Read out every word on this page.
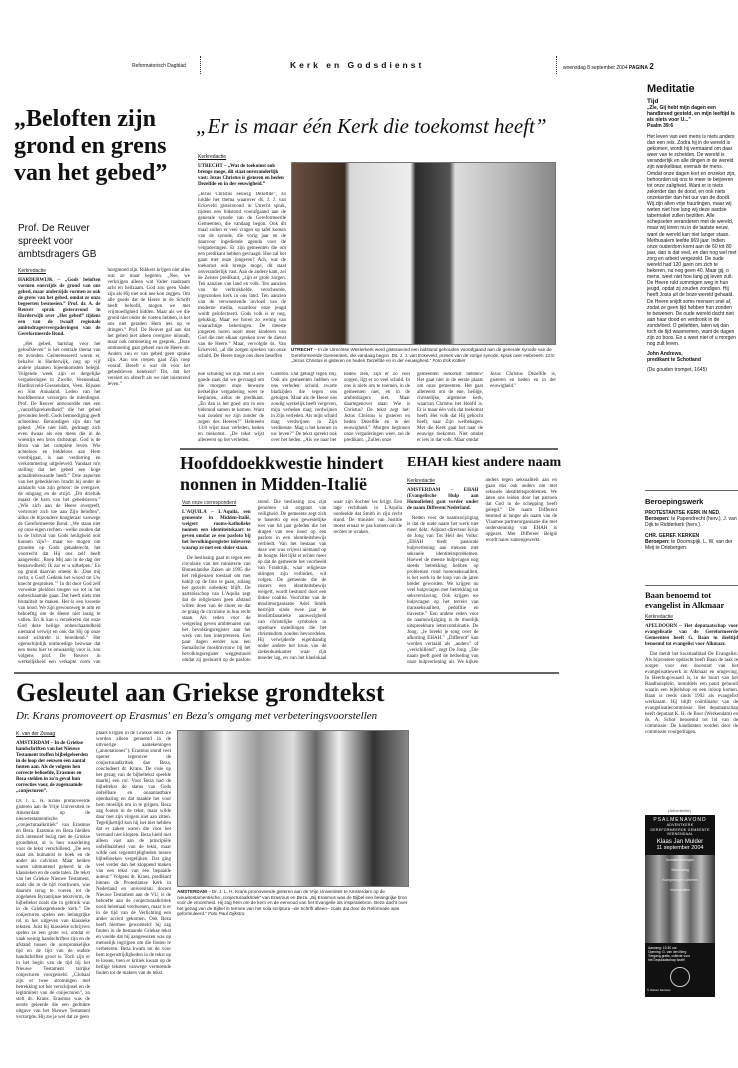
Reformatorisch Dagblad	Kerk en Godsdienst	woensdag 8 september 2004 PAGINA 2
„Beloften zijn grond en grens van het gebed”
Prof. De Reuver spreekt voor ambtsdragers GB
Kerkredactie
HARDERWIJK – „Gods beloften vormen enerzijds de grond van ons gebed, maar anderzijds vormen ze ook de grens van het gebed, omdat ze onze begeerten besnoeien.” Prof. dr. A. de Reuver sprak gisteravond in Harderwijk over „Het gebed” tijdens een van de twaalf regionale ambtsdragersvergaderingen van de Gereformeerde Bond.

„Het gebed, hartslag voor het geloofsleven” is het centrale thema van de avonden. Geïnteresseerd waren er, behalve in Harderwijk, nog op vijf andere plaatsen bijeenkomsten belegd. Volgende week zijn er dergelijke vergaderingen in Zwolle, Veenendaal, Hardinxveld-Giessendam, Veen, Rijssen en Sint Annaland. Leden van het hoofdbestuur verzorgen de inleidingen. Prof. De Reuver antwoordde met een „vanzelfsprekendheid” die het gebed gevonden heeft. Gods bemoediging geeft achterdeur. Bemoedigen zijn dan het gebed. „Wie niet bidt, gedraagt zich even dwaas als een mens die in de woestijn een bron dichtstopt. God is de Bron van het complete leven. Wie achteloos en biddeloos aan Hem voorbijgaat, is aan verdorring en verkommering uitgeleverd. Vandaar m'n stelling dat het gebed een hoge actualiteitswaarde heeft.” Drie aspecten van het gebedsleven bracht hij onder de aandacht van zijn gehoor: de overgave, de omgang en de strijd. „Dit drieluik maakt de kern van het gebedsleven.” „Wie zich aan de Heere overgeeft, vertrouwt zich toe aan Zijn beloften”, aldus de bijzondere hoogleraar vanwege de Gereformeerde Bond. „We staan niet op onze eigen rechten –welke zouden dat in de lichtval van Gods heiligheid ooit kunnen zijn?– maar we mogen om gronden op Gods genaderecht, het voorrecht dat Hij ons zelf heeft aangereikt: ‚Roep Mij aan in de dag der benauwdheid; Ik zal er u uithelpen.’ En op grond daarvan smeek ik: ‚Doe mij recht, o God! Gedenk het woord tot Uw knecht gesproken.’” In dit door God zelf verwekte pleidooi mogen we tot in het onbeschaamde gaan. Dat heeft niets met brutaliteit te maken. Het is een kwestie van nood. We zijn gewoonweg te arm en behoeftig om de Heere niet lastig te vallen. En ik kan u verzekeren dat onze God deze heilige onbeschaamdheid niemand verwijt en ook dat Hij op onze nood wilstrekt is bereidend.” Het ogenschijnlijk ontmoedige bezwaar dat een mens hier te onwaardig voor is, zou volgens prof. De Reuver in werkelijkheid een verkapte vorm van hoogmoed zijn. Rikkers krijgen niet alles wat ze maar begeren. „Nee, we verkrijgen alleen wat Vader raadzaam acht en heilzaam. God zou geen Vader zijn als Hij niet ook nee kon zeggen. Om alle goeds dat de Heere in de Schrift heeft beloofd, mogen we met vrijmoedigheid bidden. Maar als we die grond niet onder de voeten hebben, is het ons niet geraden Hem iets op te dringen.” Prof. De Reuver gaf aan dat het gebed niet alleen overgave inhoudt, maar ook ontmoeting en gesprek. „Deze ontmoeting gaat geheel van de Heere uit. Anders zou er van gebed geen sprake zijn. Aan ons roepen gaat Zijn roep vooraf. Beseft u wat dit voor het gebedsleven betekent? Dit, dat het versiert en afsterft als we niet luisterend leven.”

„Er is maar één Kerk die toekomst heeft”
UTRECHT – In de Utrechtse Westerkerk werd gisteravond een bidstond gehouden voorafgaand aan de generale synode van de Gereformeerde Gemeenten, die vandaag begon. Ds. J. J. van Eckeveld, preses van de vorige synode, sprak over Hebreeën 13:8: „Jezus Christus is gisteren en heden Dezelfde en in der eeuwigheid.” Foto Erik Kottier
Kerkredactie
UTRECHT – „Wat de toekomst ook brenge moge, dit staat onveranderlijk vast: Jezus Christus is gisteren en heden Dezelfde en in der eeuwigheid.”
„Jezus Christus eeuwig Dezelfde”, zo luidde het thema waarover ds. J. J. van Eckeveld gisteravond in Utrecht sprak, tijdens een bidstond voorafgaand aan de generale synode van de Gereformeerde Gemeenten, die vandaag begon. Ook dit maal zullen er veel vragen op tafel komen van de synode, die vorig jaar en de daarvoor ingediende agenda voor de vergaderingen. Er zijn gemeenten die om een predikant hebben gevraagd. Hoe zal het gaan met onze jongeren? Ach, wat de toekomst ook brenge moge, dit staat onveranderlijk vast. Aan de andere kant, zei de Zeister predikant, „zijn er grote zorgen. Ten aanzien van land en volk. Ten aanzien van de verbrokkelde, verscheurde, ingezonken kerk in ons land. Ten aanzien van de verwoestende invloed van de moderne media, waardoor onze jeugd wordt geïnfecteerd. Gods volk is er nog, gelukkig. Maar we horen zo weinig van waarachtige bekeringen. De meeste jongeren horen nooit meer kinderen van God die met elkaar spreken over de dienst van de Heere.” Maar, vervolgde ds. Van Eckeveld, „al die zorgen spreken van onze schuld. De Heere moge ons doen beseffen
hoe schuldig we zijn. Het is een goede zaak dat we gevraagd om die morgen onze bewuste kerkelijke vergadering weer te beginnen, aldus de predikant. „En dan is het goed om in een bidstond samen te komen. Want wat zouden we zijn zonder de zegen des Heeren?” Hebreeën 13:8 wijst naar verleden, heden en toekomst. „De tekst wijst allereerst op het verleden.
Gisteren. Dat getuigt tegen mij. Ook als gemeenten hebben we ons verleden: schuld, zwarte bladzijden die tegen ons getuigen. Maar als de Heere ons zondig werkelijk heeft vergeven, mijn verleden mag verdwijnen in Zijn verleden. Als mijn schuld mag verdwijnen in Zijn verdienste. Mag u het kennen in uw leven?” De tekst spreekt ook over het heden. „Als we naar het
heden zien, zijn er zo veel zorgen, ligt er zo veel schuld. In ons is niets om te roemen, in de gemeenten niet, en in de ambtsdragers niet. Maar daartegenover staat: Wie is Christus? De tekst zegt het: Jezus Christus is gisteren en heden Dezelfde en in der eeuwigheid.” Morgen beginnen onze vergaderingen weer, zei de predikant. „Zullen onze
gemeenten toekomst hebben? Het gaat niet in de eerste plaats om onze gemeenten. Het gaat allereerst om de ene, heilige, christelijke, algemene kerk, waarvan Christus het Hoofd is. Er is maar één volk dat toekomst heeft. Het volk dat Hij gekocht heeft, naar Zijn welbehagen. Met die Kerk gaat het naar de eeuwige toekomst. Niet omdat er iets in dat volk. Maar omdat
Jezus Christus Dezelfde is, gisteren en heden en in der eeuwigheid.”
Hoofddoekkwestie hindert nonnen in Midden-Italië
Van onze correspondent
L'AQUILA – L'Aquila, een gemeente in Midden-Italië, weigert rooms-katholieke nonnen een identiteitskaart te geven omdat ze een pasfoto bij het bevolkingsregister inleveren waarop ze met een sluier staan.

De beslissing gaat in tegen een circulaire van het ministerie van Binnenlandse Zaken uit 1995 die het religieuzen toestaat om met habijt op de foto te gaan, zolang het gezicht onbedekt blijft. De aartsbisschop van L'Aquila zegt dat de religieuzen geen afstand willen doen van de sluier en dat ze graag de circulaire in hun recht staan. Als reden voor de weigering geven ambtenaren van het bevolkingsregister aan het werk van hen interpreteren. Een paar dagen eerder was een Somalische moslimvrouw bij het bevolkingsregister weggestuurd omdat zij gesluierd op de pasfoto stond. Die beslissing zou zijn genomen uit oogpunt van veiligheid. De gemeente zegt zich te baseren op een gewestelijke wet van 64 jaar geleden die het dragen van een hoed op een pasfoto in een identiteitsbewijs verbiedt. Van het bestaan van deze wet was vrijwel niemand op de hoogte. Het lijkt er echter meer op dat de gemeente het voorbeeld van Frankrijk, waar religieuze uitingen zijn verboden, wil volgen. De gemeente die de zusters een identiteitsbewijs weigert, wordt bestuurd door een linkse coalitie. Voorzitter van de moslimorganisatie Adel Smith bestrijdt sinds twee jaar de moslimfanatieke aanwezigheid van christelijke symbolen in openbare instellingen die het christendom zouden bevoordelen. Hij verwijderde eigenhandig onder andere het kruis van de ziekenhuiskamer waar zijn moeder lag, en van het klaslokaal waar zijn dochter les krijgt. Een lage rechtbank in L'Aquila oordeelde dat Smith in zijn recht stond. De minister van Justitie moest ernaar te pas komen om de rechter te wraken.

EHAH kiest andere naam
Kerkredactie
AMSTERDAM – EHAH (Evangelische Hulp aan Homofielen) gaat verder onder de naam Different Nederland.

Reden voor de naamswijziging is dat de oude naam het werk niet meer dekt. Adjunct-directeur Krijn de Jong van Tot Heil des Volks: „EHAH biedt pastorale hulpverlening aan mensen met seksuele identiteitsproblemen. Hoewel de meeste hulpvragen nog steeds betrekking hebben op problemen rond homoseksualiteit, is het werk in de loop van de jaren breder geworden. We krijgen nu veel hulpvragen met betrekking tot seksverslaving. Ook krijgen we hulpvragen op het terrein van transseksualiteit, pedofilie en travestie.” Een andere reden voor de naamswijziging is de moeilijk uitspreekbare lettercombinatie. De Jong: „Je breekt je tong over de afkorting EHAH.” „Different” kan worden vertaald als „anders” of „verschillend”, zegt De Jong. „Die naam geeft goed de bedoeling van onze hulpverlening uit. We kijken anders tegen seksualiteit aan en gaan dus ook anders om met seksuele identiteitsproblemen. We laten ons leiden door het patroon dat God in de schepping heeft gelegd.” De naam Different bestond al langer als naam van de Vlaamse partnerorganisatie die met ondersteuning van EHAH is opgezet. Met Different België wordt nauw samengewerkt.

Meditatie
Tijd
„Zie, Gij hebt mijn dagen een handbreed gesteld, en mijn leeftijd is als niets voor U...”
Psalm 39:6
Het leven van een mens is niets anders dan een reis. Zodra hij in de wereld is gekomen, wordt hij vermaand om daar weer van te scheiden. De wereld is veranderlijk en alle dingen in de wereld zijn wankelbaar, evenals de mens. Omdat onze dagen kort en onzeker zijn, behoorden wij ons te meer te beijveren tot onze zaligheid. Want er is niets zekerder dan de dood, en ook niets onzekerder dan het uur van de doodt. Wij zijn allen vrije huurlingen, maar wij weten niet hoe lang wij deze aardse tabernakel zullen bezitten. Alle schepselen veranderen met de wereld, maar wij leven nu in de laatste eeuw, want de wereld kan niet langer staan. Methusalem leefde 969 jaar. Indien onze ouderdom komt aan de 60 tot 80 jaar, dan is dat veel, en dan nog wel met zorg en arbeid vergezeld. De oude wereld had 120 jaren om zich te bekeren, nu nog geen 40. Maar gij, o mens, weet niet hoe lang gij leven zult. De Heere rukt sommigen weg in hun jeugd, opdat zij zouden zondigen. Hij heeft Josia uit de boze wereld gehaald. De Heere snijdt soms mensen snel af, zodat ze geen tijd hebben hun zonden te bewenen. De oude wereld dacht niet aan haar dood en verdronk in de zondvloed. O geliefden, laten wij dan toch de tijd waarnemen, want de dagen zijn zo boos. En u weet niet of u morgen nog zult leven.
John Andrews,
predikant te Schotland
(De gouden trompet, 1645)
Beroepingswerk
PROTESTANTSE KERK IN NED.
Beroepen: te Papendrecht (herv.), J. van Dijk te Ridderkerk (herv.).
CHR. GEREF. KERKEN
Beroepen: te Doornspijk, L. W. van der Meij te Driebergen.
Baan benoemd tot evangelist in Alkmaar
Kerkredactie
APELDOORN – Het deputaatschap voor evangelisatie van de Gereformeerde Gemeenten heeft G. Baan in deeltijd benoemd tot evangelist voor Alkmaar.

Dat meldt het kwartaalblad De Evangelist. Als bijzondere opdracht heeft Baan de taak te zorgen voor een doorstart van het evangelisatiewerk in Alkmaar en omgeving. In Heerhugowaard is, in de buurt van het Raadhuisplein, inmiddels een pand gehuurd waarin een bijbelshop en een inloop komen. Baan is reeds sinds 1992 als evangelist werkzaam. Hij blijft coördinator van de evangelisatiecommissie. Het deputaatschap heeft deputaat K. H. de Boer (Werkendam) en ds. A. Schot benoemd tot lid van de commissie. De kandidaten worden door de commissie voorgedragen.

(Advertentie)
PSALMENAVOND
ADVENTKERK
GEREFORMEERDE GEMEENTE
VEENENDAAL
Klaas Jan Mulder
11 september 2004
Koraalbewerkingen
Samenzang
Koorgezongen Liederen
Improvisaties
Aanvang: 19.30 uur
Opening: G. van den Berg
Toegang gratis, collecte voor
het Deputaatschap Israël
© Visitors Services
Gesleutel aan Griekse grondtekst
Dr. Krans promoveert op Erasmus' en Beza's omgang met verbeteringsvoorstellen
AMSTERDAM – Dr. J. L. H. Krans promoveerde gisteren aan de Vrije Universiteit te Amsterdam op de nieuwtestamentische „conjecturaalkritiek” van Erasmus en Beza. „Bij Erasmus was de Bijbel een belangrijke bron voor de vroomheid. Hij zag hem om de kern en de eenvoud van het Evangelie als inspiratiebron. Beza dacht over het gezag van de Bijbel in termen van het sola scriptura –de Schrift alleen– zoals dat door de Reformatie was geformuleerd.” Foto Paul Dijkstra
K. van der Zwaag
AMSTERDAM – In de Griekse handschriften van het Nieuwe Testament troffen bijbelgeleerden in de loop der eeuwen een aantal fouten aan. Als de volgens hen correcte behoefde, Erasmus en Beza stelden in zo'n geval hun correcties voor, de zogenaamde „conjecturen”.
Dr. J. L. H. Krans promoveerde gisteren aan de Vrije Universiteit te Amsterdam op de nieuwtestamentische „conjecturaalkritiek” van Erasmus en Beza. Erasmus en Beza hielden zich intensief bezig met de Griekse grondtekst, al is hun waardering voor de tekst verschillend. „De een staat als humanist te boek en de ander als calvinist. Maar beiden waren uitmuntend geleerd in de klassieken en de oude talen. De tekst van het Griekse Nieuwe Testament, zoals die in de tijd voorkwam, was daarom terug te voeren tot de zogeheten Byzantijnse tekstvorm, de bijbeltekst zoals die in gebruik was in de Griekssprekende kerk.” De conjecturen spelen een belangrijke rol in het uitgeven van klassieke teksten. Juist bij klassieke schrijvers spelen ze een grote rol, omdat er vaak weinig handschriften zijn en de afstand tussen de oorspronkelijke tijd en de tijd van de oudste handschriften groot is. Toch zijn er in het begin van de tijd bij het Nieuwe Testament talrijke conjecturen voorgesteld. „Globaal zijn er twee stromingen met betrekking tot het verschijnsel en de legitimiteit van de conjecturen”, zo stelt dr. Krans. Erasmus was de eerste geleerde die een gedrukte uitgave van het Nieuwe Testament verzorgde. Hij zie je wel dat ze geen
plaats krijgen in de Griekse tekst. Ze worden alleen genoemd in de uitvoerige aantekeningen („annotationes”). Erasmus stond veel opener tegenover de conjecturaalkritiek dan Beza, concludeert dr. Krans. De visie op het gezag van de bijbeltekst speelde daarbij een rol. Voor Beza had de bijbeltekst de status van Gods onfeilbare en onaantastbare openbaring en dat maakte het voor hem moeilijk om in te grijpen. Beza zag fouten in de tekst, maar wilde daar met zijn vingers niet aan zitten. Tegelijkertijd kon hij het niet hebben dat er zaken waren die voor het verstand niet klopten. Beza hield niet alleen vast aan de principiële onfeilbaarheid van de tekst, maar wilde ook tegenstrijdigheden tussen bijbelboeken vergelijken. Dat ging veel verder dan het kloppend maken van een tekst van één bepaalde auteur.” Volgens dr. Krans, predikant binnen de Protestantse Kerk in Nederland en universitair docent Nieuwe Testament aan de VU, is de behoefte aan de conjecturaalkritiek nooit helemaal verdwenen, maar is er in de tijd van de Verlichting een ander accent gekomen. Ook Beza heeft hiermee geworsteld: hij zag fouten in de bestaande Griekse tekst en voelde dat hij aangewezen was op menselijk ingrijpen om die fouten te verbeteren. Beza kwam tot de voor hem tegenstrijdigheden in de tekst op te lossen, toen er kritiek kwam op de heilige teksten vanwege vermeende fouten tot de makers van de tekst.
